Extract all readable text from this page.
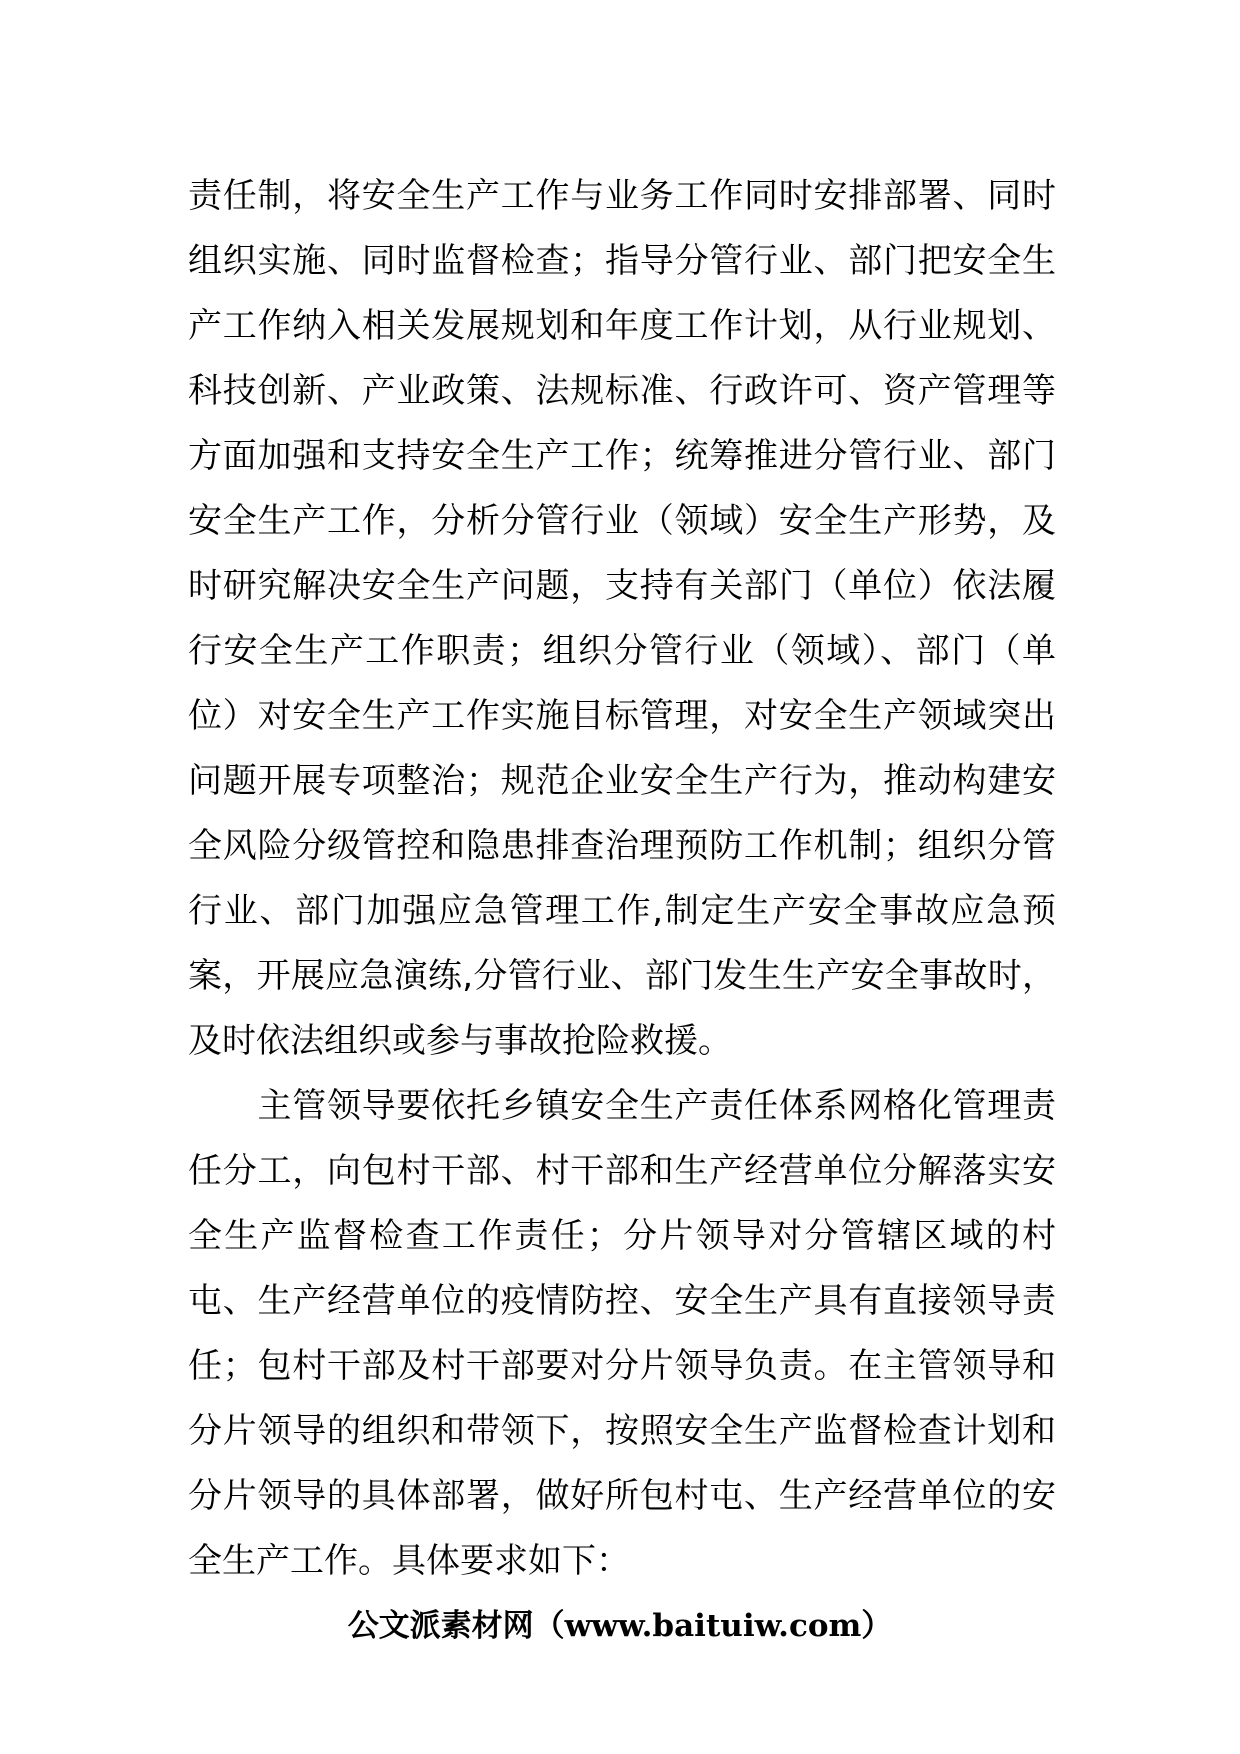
责任制，将安全生产工作与业务工作同时安排部署、同时
组织实施、同时监督检查；指导分管行业、部门把安全生
产工作纳入相关发展规划和年度工作计划，从行业规划、
科技创新、产业政策、法规标准、行政许可、资产管理等
方面加强和支持安全生产工作；统筹推进分管行业、部门
安全生产工作，分析分管行业（领域）安全生产形势，及
时研究解决安全生产问题，支持有关部门（单位）依法履
行安全生产工作职责；组织分管行业（领域）、部门（单
位）对安全生产工作实施目标管理，对安全生产领域突出
问题开展专项整治；规范企业安全生产行为，推动构建安
全风险分级管控和隐患排查治理预防工作机制；组织分管
行业、部门加强应急管理工作,制定生产安全事故应急预
案，开展应急演练,分管行业、部门发生生产安全事故时，
及时依法组织或参与事故抢险救援。
　　主管领导要依托乡镇安全生产责任体系网格化管理责
任分工，向包村干部、村干部和生产经营单位分解落实安
全生产监督检查工作责任；分片领导对分管辖区域的村
屯、生产经营单位的疫情防控、安全生产具有直接领导责
任；包村干部及村干部要对分片领导负责。在主管领导和
分片领导的组织和带领下，按照安全生产监督检查计划和
分片领导的具体部署，做好所包村屯、生产经营单位的安
全生产工作。具体要求如下：
公文派素材网（www.baituiw.com）
